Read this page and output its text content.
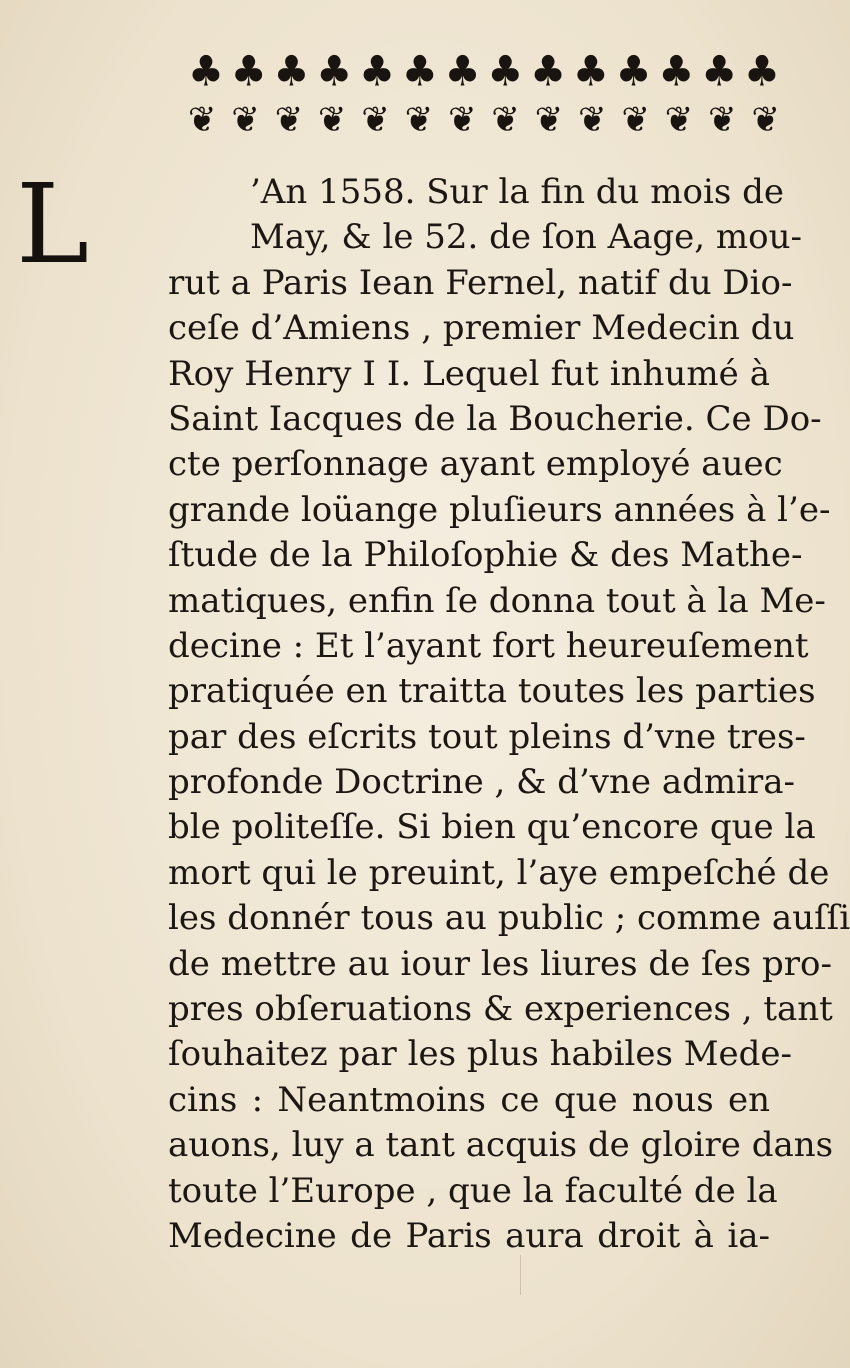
♣ ♣ ♣ ♣ ♣ ♣ ♣ ♣ ♣ ♣ ♣ ♣ ♣ ♣
❦ ❦ ❦ ❦ ❦ ❦ ❦ ❦ ❦ ❦ ❦ ❦ ❦ ❦
L	’An 1558. Sur la fin du mois de
May, & le 52. de ſon Aage, mou-
rut a Paris Iean Fernel, natif du Dio-
ceſe d’Amiens , premier Medecin du
Roy Henry I I. Lequel fut inhumé à
Saint Iacques de la Boucherie. Ce Do-
cte perſonnage ayant employé auec
grande loüange pluſieurs années à l’e-
ſtude de la Philoſophie & des Mathe-
matiques, enfin ſe donna tout à la Me-
decine : Et l’ayant fort heureuſement
pratiquée en traitta toutes les parties
par des eſcrits tout pleins d’vne tres-
profonde Doctrine , & d’vne admira-
ble politeſſe. Si bien qu’encore que la
mort qui le preuint, l’aye empeſché de
les donnér tous au public ; comme auſſi
de mettre au iour les liures de ſes pro-
pres obſeruations & experiences , tant
ſouhaitez par les plus habiles Mede-
cins : Neantmoins ce que nous en
auons, luy a tant acquis de gloire dans
toute l’Europe , que la faculté de la
Medecine de Paris aura droit à ia-
